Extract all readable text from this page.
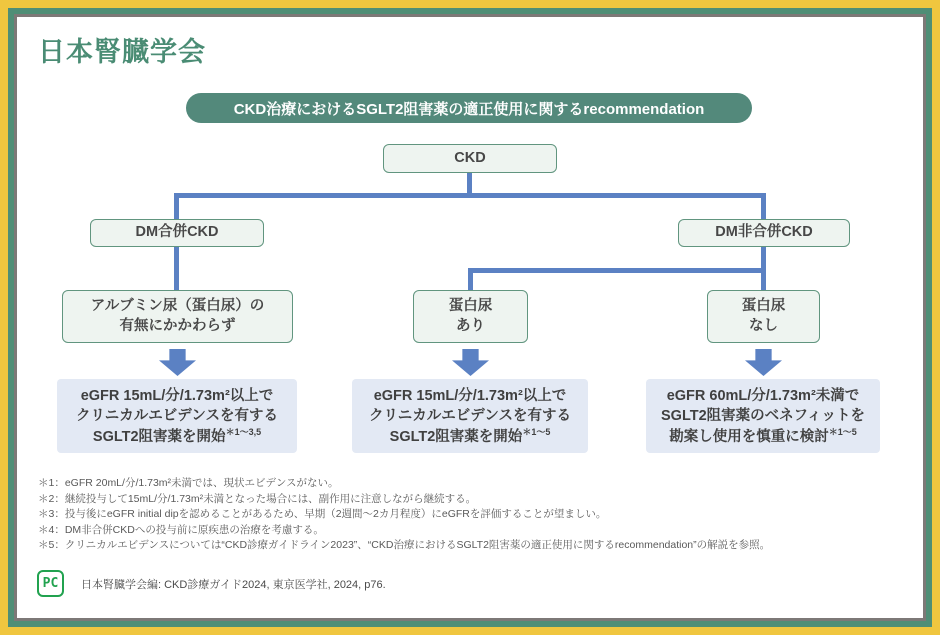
日本腎臓学会
CKD治療におけるSGLT2阻害薬の適正使用に関するrecommendation
CKD
DM合併CKD	DM非合併CKD
アルブミン尿（蛋白尿）の
有無にかかわらず
蛋白尿
あり
蛋白尿
なし
eGFR 15mL/分/1.73m²以上で
クリニカルエビデンスを有する
SGLT2阻害薬を開始$^{*1\sim 3,5}$
eGFR 15mL/分/1.73m²以上で
クリニカルエビデンスを有する
SGLT2阻害薬を開始$^{*1\sim 5}$
eGFR 60mL/分/1.73m²未満で
SGLT2阻害薬のベネフィットを
勘案し使用を慎重に検討$^{*1\sim 5}$
＊1：eGFR 20mL/分/1.73m²未満では、現状エビデンスがない。
＊2：継続投与して15mL/分/1.73m²未満となった場合には、副作用に注意しながら継続する。
＊3：投与後にeGFR initial dipを認めることがあるため、早期（2週間～2カ月程度）にeGFRを評価することが望ましい。
＊4：DM非合併CKDへの投与前に原疾患の治療を考慮する。
＊5：クリニカルエビデンスについては“CKD診療ガイドライン2023”、“CKD治療におけるSGLT2阻害薬の適正使用に関するrecommendation”の解説を参照。
PC	日本腎臓学会編: CKD診療ガイド2024, 東京医学社, 2024, p76.
